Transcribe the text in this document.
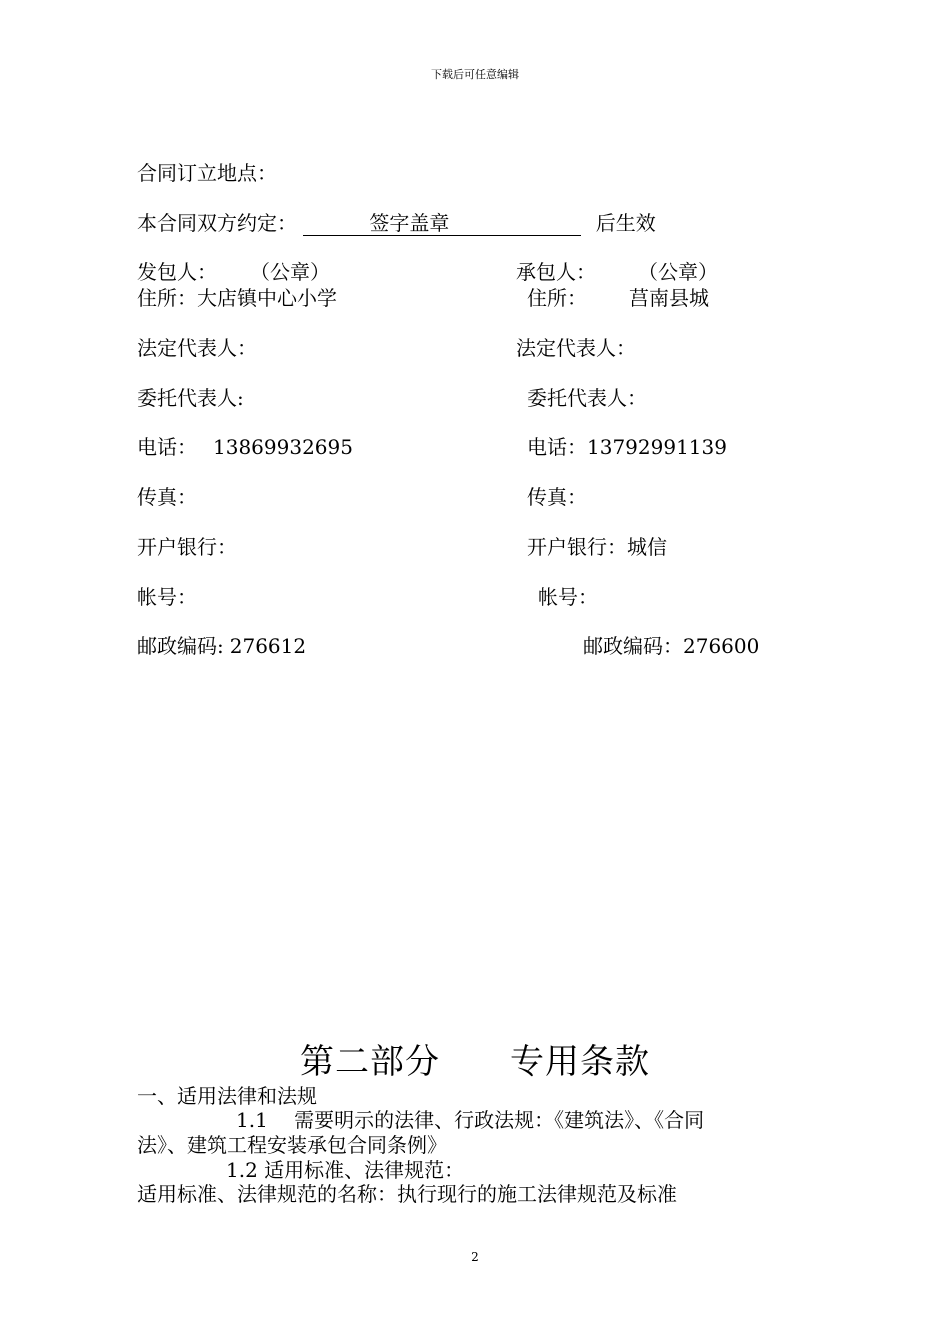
下载后可任意编辑
合同订立地点：
本合同双方约定：	签字盖章	后生效
发包人： （公章）
住所：大店镇中心小学
法定代表人：
委托代表人:
电话： 13869932695
传真：
开户银行：
帐号：
邮政编码: 276612
承包人： （公章）
住所： 莒南县城
法定代表人：
委托代表人：
电话：13792991139
传真：
开户银行：城信
帐号：
邮政编码：276600
第二部分　　专用条款
一、适用法律和法规
1.1　 需要明示的法律、行政法规：《建筑法》、《合同
法》、建筑工程安装承包合同条例》
1.2 适用标准、法律规范：
适用标准、法律规范的名称：执行现行的施工法律规范及标准
2
